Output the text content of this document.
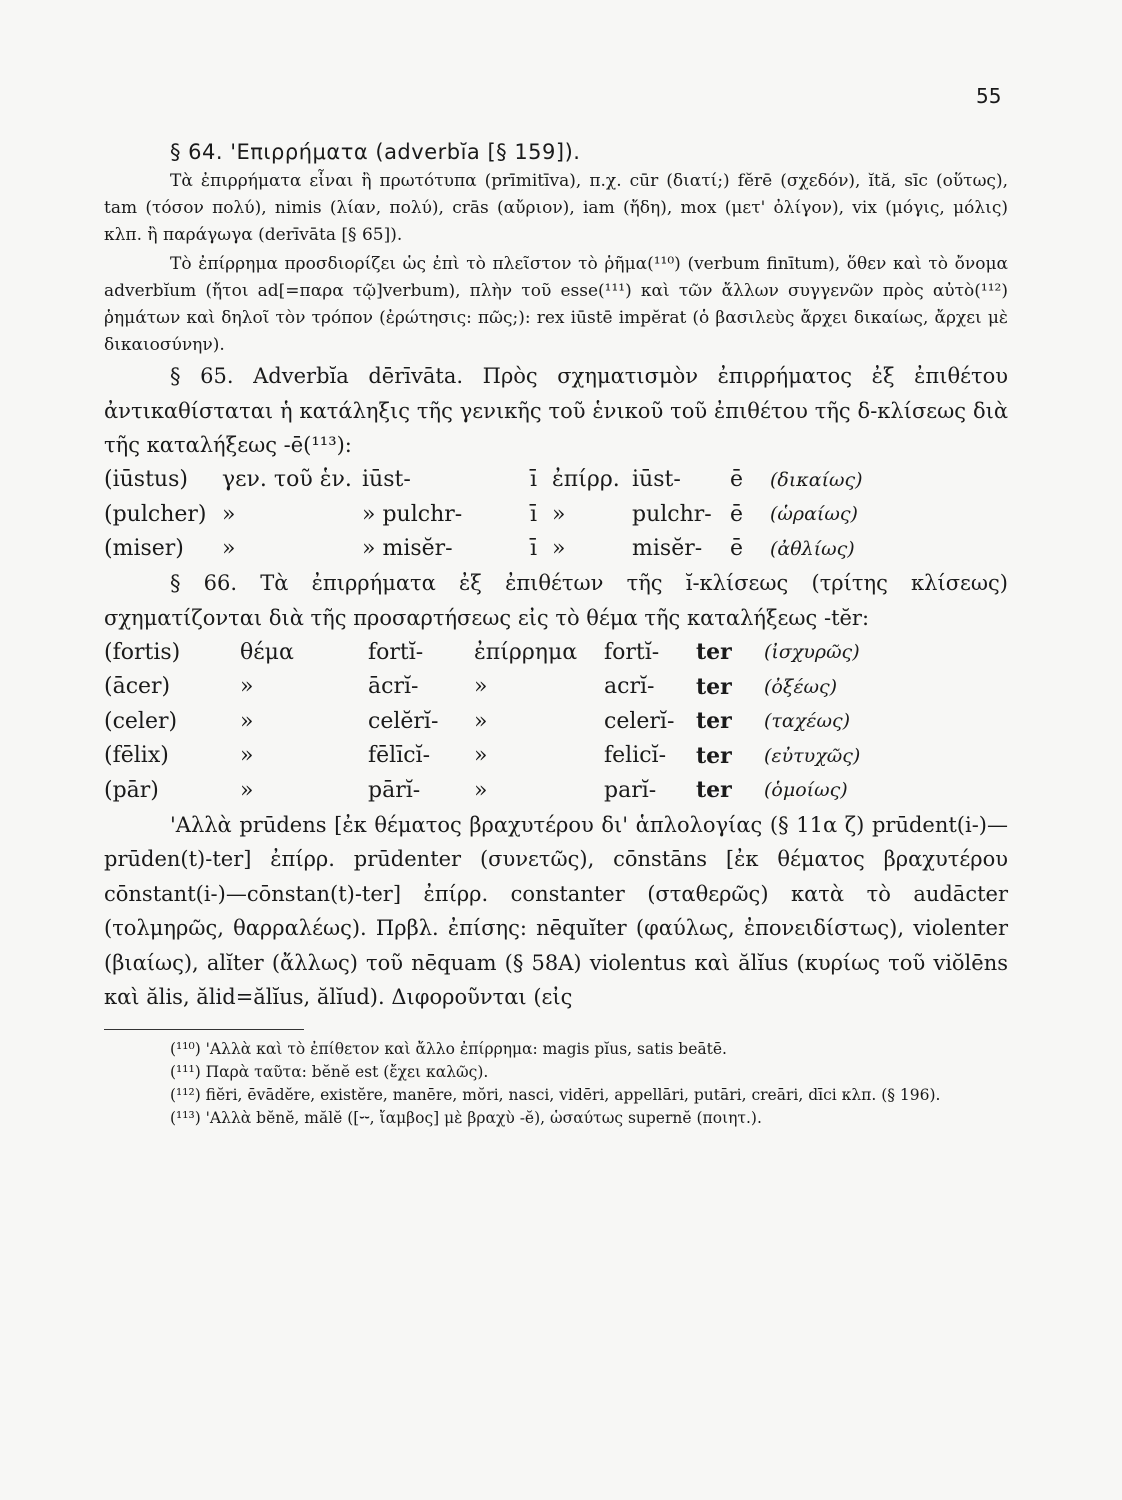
55
§ 64. 'Επιρρήματα (adverbĭa [§ 159]).

Τὰ ἐπιρρήματα εἶναι ἢ πρωτότυπα (prīmitīva), π.χ. cūr (διατί;) fĕrē (σχεδόν), ĭtă, sīc (οὕτως), tam (τόσον πολύ), nimis (λίαν, πολύ), crās (αὔριον), iam (ἤδη), mox (μετ' ὀλίγον), vix (μόγις, μόλις) κλπ. ἢ παράγωγα (derīvāta [§ 65]).

Τὸ ἐπίρρημα προσδιορίζει ὡς ἐπὶ τὸ πλεῖστον τὸ ῥῆμα(¹¹⁰) (verbum finītum), ὅθεν καὶ τὸ ὄνομα adverbĭum (ἤτοι ad[=παρα τῷ]verbum), πλὴν τοῦ esse(¹¹¹) καὶ τῶν ἄλλων συγγενῶν πρὸς αὐτὸ(¹¹²) ῥημάτων καὶ δηλοῖ τὸν τρόπον (ἐρώτησις: πῶς;): rex iūstē impĕrat (ὁ βασιλεὺς ἄρχει δικαίως, ἄρχει μὲ δικαιοσύνην).

§ 65. Adverbĭa dērīvāta. Πρὸς σχηματισμὸν ἐπιρρήματος ἐξ ἐπιθέτου ἀντικαθίσταται ἡ κατάληξις τῆς γενικῆς τοῦ ἑνικοῦ τοῦ ἐπιθέτου τῆς δ-κλίσεως διὰ τῆς καταλήξεως -ē(¹¹³):

(iūstus)	γεν. τοῦ ἑν.	iūst-	ī	ἐπίρρ.	iūst-	ē	(δικαίως)
(pulcher)	»	» pulchr-	ī	»	pulchr-	ē	(ὡραίως)
(miser)	»	» misĕr-	ī	»	misĕr-	ē	(ἀθλίως)

§ 66. Τὰ ἐπιρρήματα ἐξ ἐπιθέτων τῆς ĭ-κλίσεως (τρίτης κλίσεως) σχηματίζονται διὰ τῆς προσαρτήσεως εἰς τὸ θέμα τῆς καταλήξεως -tĕr:

(fortis)	θέμα	fortĭ-	ἐπίρρημα	fortĭ-	ter	(ἰσχυρῶς)
(ācer)	»	ācrĭ-	»	acrĭ-	ter	(ὀξέως)
(celer)	»	celĕrĭ-	»	celerĭ-	ter	(ταχέως)
(fēlix)	»	fēlīcĭ-	»	felicĭ-	ter	(εὐτυχῶς)
(pār)	»	pārĭ-	»	parĭ-	ter	(ὁμοίως)

'Αλλὰ prūdens [ἐκ θέματος βραχυτέρου δι' ἁπλολογίας (§ 11α ζ) prūdent(i-)—prūden(t)-ter] ἐπίρρ. prūdenter (συνετῶς), cōnstāns [ἐκ θέματος βραχυτέρου cōnstant(i-)—cōnstan(t)-ter] ἐπίρρ. constanter (σταθερῶς) κατὰ τὸ audācter (τολμηρῶς, θαρραλέως). Πρβλ. ἐπίσης: nēquĭter (φαύλως, ἐπονειδίστως), violenter (βιαίως), alĭter (ἄλλως) τοῦ nēquam (§ 58A) violentus καὶ ălĭus (κυρίως τοῦ viŏlēns καὶ ălis, ălid=ălĭus, ălĭud). Διφοροῦνται (εἰς

(¹¹⁰) 'Αλλὰ καὶ τὸ ἐπίθετον καὶ ἄλλο ἐπίρρημα: magis pĭus, satis beātē.

(¹¹¹) Παρὰ ταῦτα: bĕnĕ est (ἔχει καλῶς).

(¹¹²) fiĕri, ēvādĕre, existĕre, manēre, mŏri, nasci, vidēri, appellāri, putāri, creāri, dīci κλπ. (§ 196).

(¹¹³) 'Αλλὰ bĕnĕ, mălĕ ([⏑⏑, ἴαμβος] μὲ βραχὺ -ĕ), ὡσαύτως supernĕ (ποιητ.).
